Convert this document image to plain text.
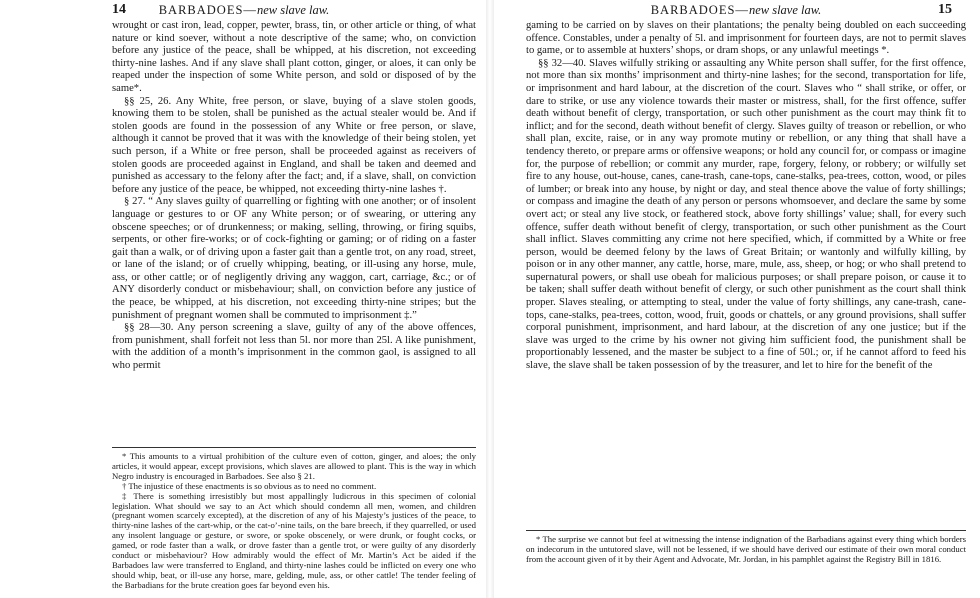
14	BARBADOES—new slave law.

wrought or cast iron, lead, copper, pewter, brass, tin, or other article or thing, of what nature or kind soever, without a note descriptive of the same; who, on conviction before any justice of the peace, shall be whipped, at his discretion, not exceeding thirty-nine lashes. And if any slave shall plant cotton, ginger, or aloes, it can only be reaped under the inspection of some White person, and sold or disposed of by the same*.

§§ 25, 26. Any White, free person, or slave, buying of a slave stolen goods, knowing them to be stolen, shall be punished as the actual stealer would be. And if stolen goods are found in the possession of any White or free person, or slave, although it cannot be proved that it was with the knowledge of their being stolen, yet such person, if a White or free person, shall be proceeded against as receivers of stolen goods are proceeded against in England, and shall be taken and deemed and punished as accessary to the felony after the fact; and, if a slave, shall, on conviction before any justice of the peace, be whipped, not exceeding thirty-nine lashes †.

§ 27. “ Any slaves guilty of quarrelling or fighting with one another; or of insolent language or gestures to or OF any White person; or of swearing, or uttering any obscene speeches; or of drunkenness; or making, selling, throwing, or firing squibs, serpents, or other fire-works; or of cock-fighting or gaming; or of riding on a faster gait than a walk, or of driving upon a faster gait than a gentle trot, on any road, street, or lane of the island; or of cruelly whipping, beating, or ill-using any horse, mule, ass, or other cattle; or of negligently driving any waggon, cart, carriage, &c.; or of ANY disorderly conduct or misbehaviour; shall, on conviction before any justice of the peace, be whipped, at his discretion, not exceeding thirty-nine stripes; but the punishment of pregnant women shall be commuted to imprisonment ‡.”

§§ 28—30. Any person screening a slave, guilty of any of the above offences, from punishment, shall forfeit not less than 5l. nor more than 25l. A like punishment, with the addition of a month’s imprisonment in the common gaol, is assigned to all who permit

* This amounts to a virtual prohibition of the culture even of cotton, ginger, and aloes; the only articles, it would appear, except provisions, which slaves are allowed to plant. This is the way in which Negro industry is encouraged in Barbadoes. See also § 21.

† The injustice of these enactments is so obvious as to need no comment.

‡ There is something irresistibly but most appallingly ludicrous in this specimen of colonial legislation. What should we say to an Act which should condemn all men, women, and children (pregnant women scarcely excepted), at the discretion of any of his Majesty’s justices of the peace, to thirty-nine lashes of the cart-whip, or the cat-o’-nine tails, on the bare breech, if they quarrelled, or used any insolent language or gesture, or swore, or spoke obscenely, or were drunk, or fought cocks, or gamed, or rode faster than a walk, or drove faster than a gentle trot, or were guilty of any disorderly conduct or misbehaviour? How admirably would the effect of Mr. Martin’s Act be aided if the Barbadoes law were transferred to England, and thirty-nine lashes could be inflicted on every one who should whip, beat, or ill-use any horse, mare, gelding, mule, ass, or other cattle! The tender feeling of the Barbadians for the brute creation goes far beyond even his.

BARBADOES—new slave law.	15

gaming to be carried on by slaves on their plantations; the penalty being doubled on each succeeding offence. Constables, under a penalty of 5l. and imprisonment for fourteen days, are not to permit slaves to game, or to assemble at huxters’ shops, or dram shops, or any unlawful meetings *.

§§ 32—40. Slaves wilfully striking or assaulting any White person shall suffer, for the first offence, not more than six months’ imprisonment and thirty-nine lashes; for the second, transportation for life, or imprisonment and hard labour, at the discretion of the court. Slaves who “ shall strike, or offer, or dare to strike, or use any violence towards their master or mistress, shall, for the first offence, suffer death without benefit of clergy, transportation, or such other punishment as the court may think fit to inflict; and for the second, death without benefit of clergy. Slaves guilty of treason or rebellion, or who shall plan, excite, raise, or in any way promote mutiny or rebellion, or any thing that shall have a tendency thereto, or prepare arms or offensive weapons; or hold any council for, or compass or imagine for, the purpose of rebellion; or commit any murder, rape, forgery, felony, or robbery; or wilfully set fire to any house, out-house, canes, cane-trash, cane-tops, cane-stalks, pea-trees, cotton, wood, or piles of lumber; or break into any house, by night or day, and steal thence above the value of forty shillings; or compass and imagine the death of any person or persons whomsoever, and declare the same by some overt act; or steal any live stock, or feathered stock, above forty shillings’ value; shall, for every such offence, suffer death without benefit of clergy, transportation, or such other punishment as the Court shall inflict. Slaves committing any crime not here specified, which, if committed by a White or free person, would be deemed felony by the laws of Great Britain; or wantonly and wilfully killing, by poison or in any other manner, any cattle, horse, mare, mule, ass, sheep, or hog; or who shall pretend to supernatural powers, or shall use obeah for malicious purposes; or shall prepare poison, or cause it to be taken; shall suffer death without benefit of clergy, or such other punishment as the court shall think proper. Slaves stealing, or attempting to steal, under the value of forty shillings, any cane-trash, cane-tops, cane-stalks, pea-trees, cotton, wood, fruit, goods or chattels, or any ground provisions, shall suffer corporal punishment, imprisonment, and hard labour, at the discretion of any one justice; but if the slave was urged to the crime by his owner not giving him sufficient food, the punishment shall be proportionably lessened, and the master be subject to a fine of 50l.; or, if he cannot afford to feed his slave, the slave shall be taken possession of by the treasurer, and let to hire for the benefit of the

* The surprise we cannot but feel at witnessing the intense indignation of the Barbadians against every thing which borders on indecorum in the untutored slave, will not be lessened, if we should have derived our estimate of their own moral conduct from the account given of it by their Agent and Advocate, Mr. Jordan, in his pamphlet against the Registry Bill in 1816.
